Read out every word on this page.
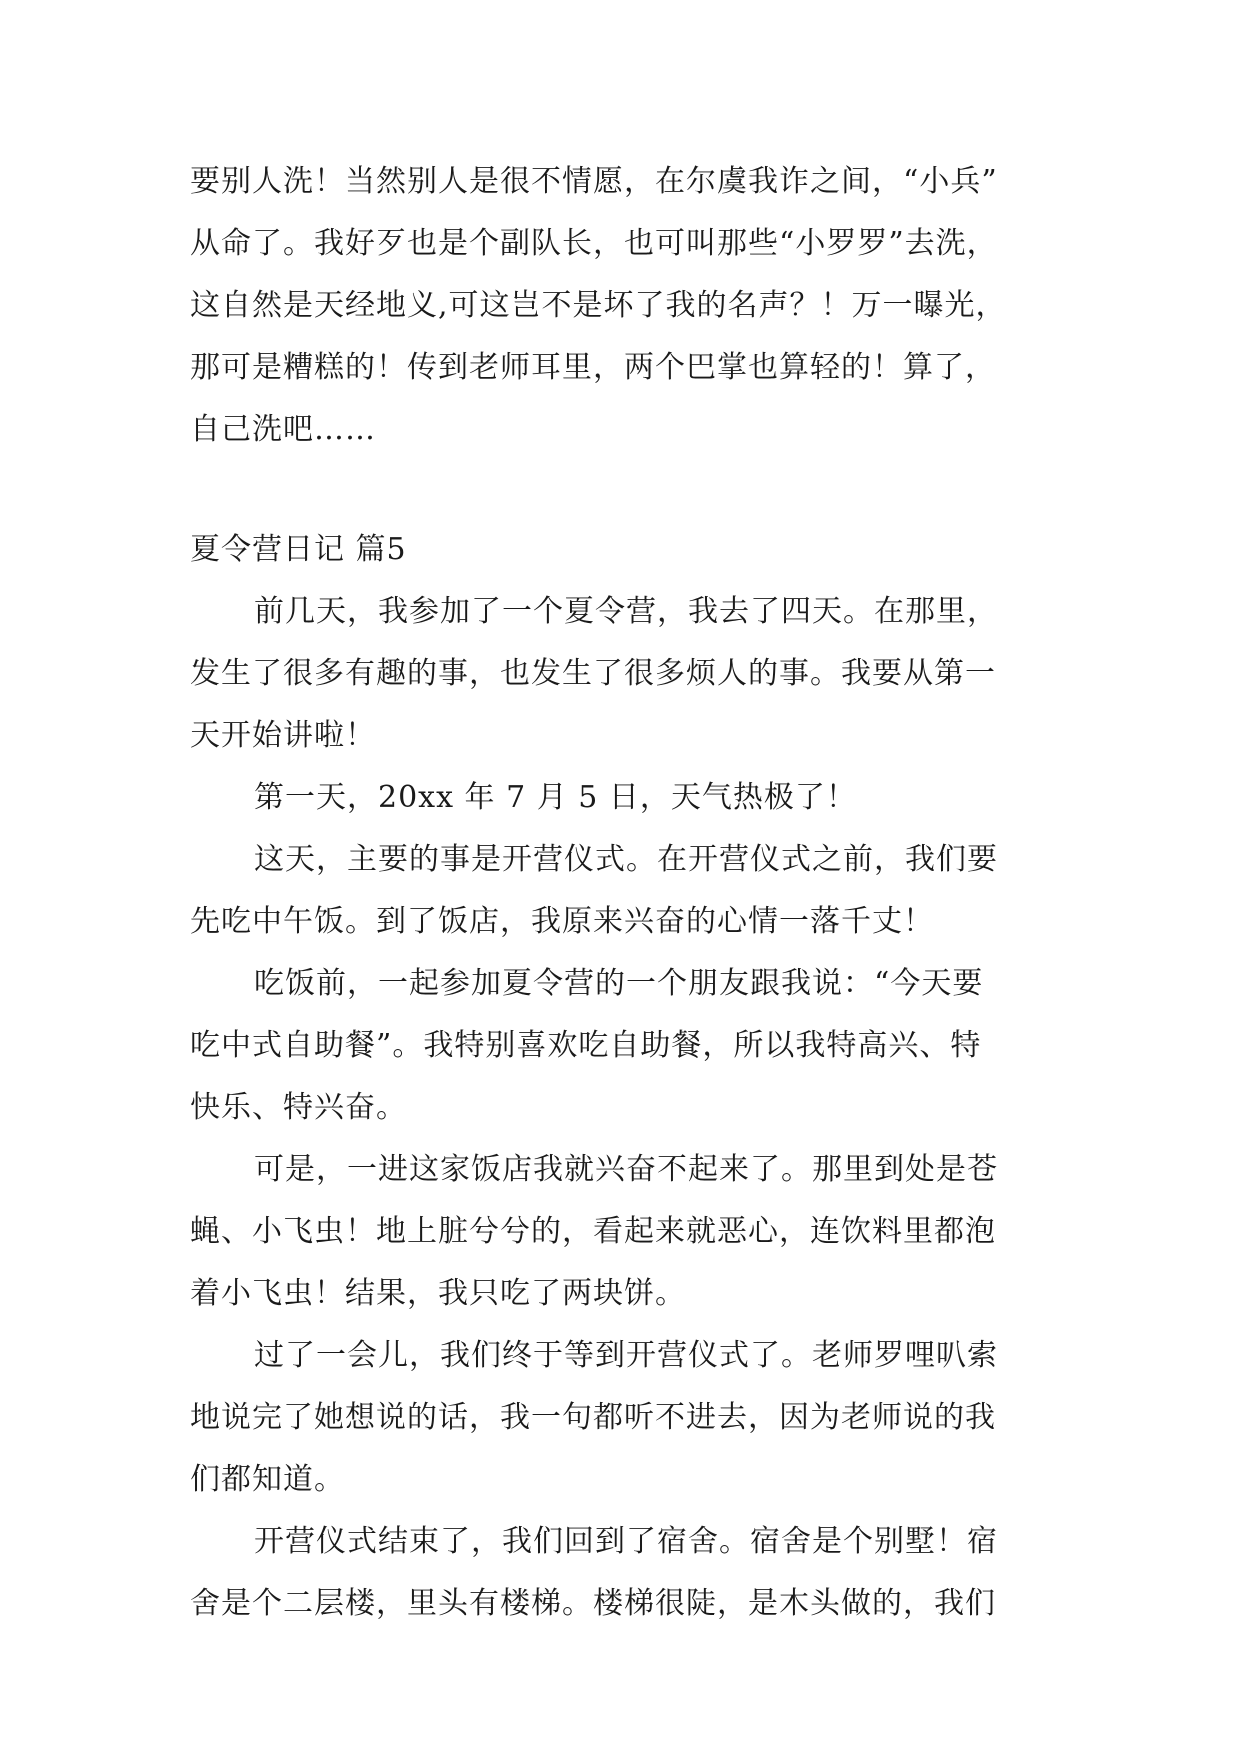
要别人洗！当然别人是很不情愿，在尔虞我诈之间，“小兵”
从命了。我好歹也是个副队长，也可叫那些“小罗罗”去洗，
这自然是天经地义,可这岂不是坏了我的名声？！万一曝光，
那可是糟糕的！传到老师耳里，两个巴掌也算轻的！算了，
自己洗吧……
夏令营日记 篇5
前几天，我参加了一个夏令营，我去了四天。在那里，
发生了很多有趣的事，也发生了很多烦人的事。我要从第一
天开始讲啦！
第一天，20xx 年 7 月 5 日，天气热极了！
这天，主要的事是开营仪式。在开营仪式之前，我们要
先吃中午饭。到了饭店，我原来兴奋的心情一落千丈！
吃饭前，一起参加夏令营的一个朋友跟我说：“今天要
吃中式自助餐”。我特别喜欢吃自助餐，所以我特高兴、特
快乐、特兴奋。
可是，一进这家饭店我就兴奋不起来了。那里到处是苍
蝇、小飞虫！地上脏兮兮的，看起来就恶心，连饮料里都泡
着小飞虫！结果，我只吃了两块饼。
过了一会儿，我们终于等到开营仪式了。老师罗哩叭索
地说完了她想说的话，我一句都听不进去，因为老师说的我
们都知道。
开营仪式结束了，我们回到了宿舍。宿舍是个别墅！宿
舍是个二层楼，里头有楼梯。楼梯很陡，是木头做的，我们
